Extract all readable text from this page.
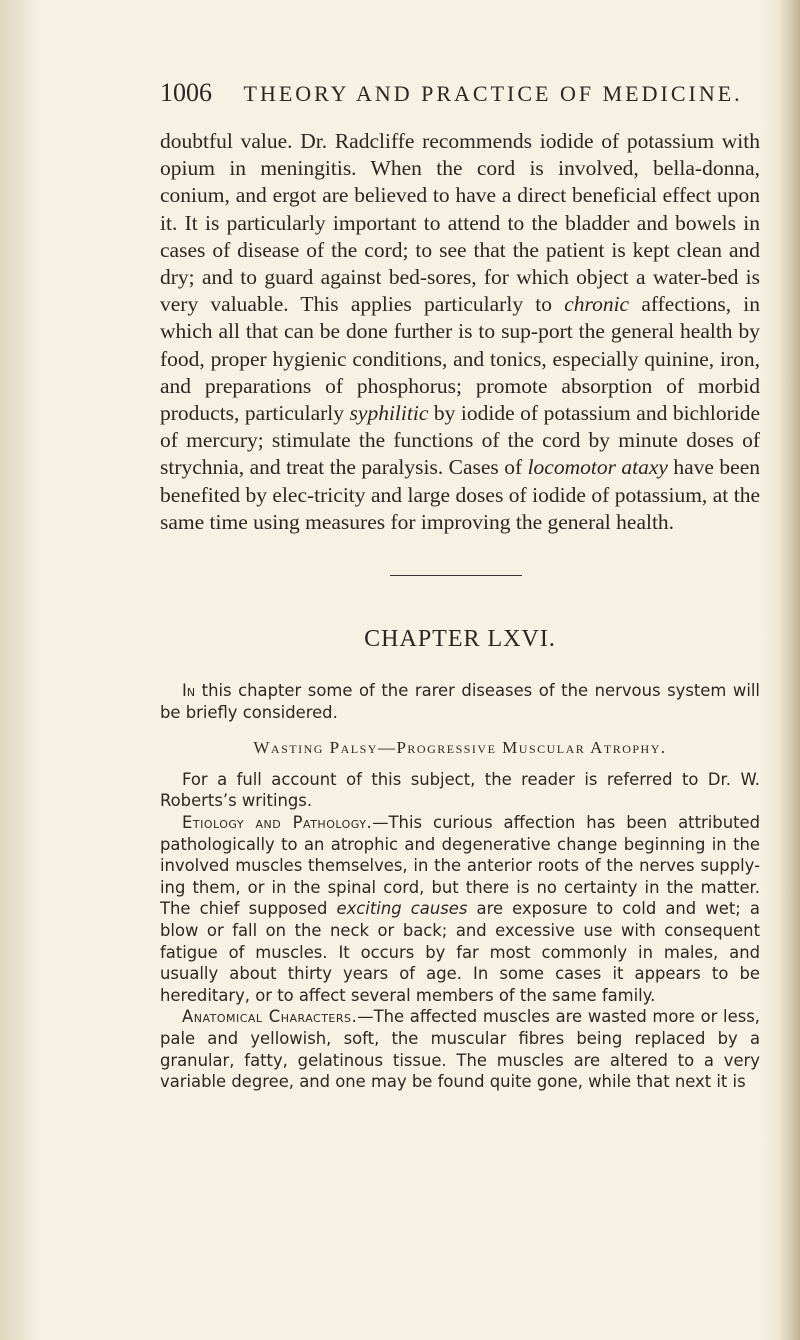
1006 THEORY AND PRACTICE OF MEDICINE.

doubtful value. Dr. Radcliffe recommends iodide of potassium with opium in meningitis. When the cord is involved, bella-donna, conium, and ergot are believed to have a direct beneficial effect upon it. It is particularly important to attend to the bladder and bowels in cases of disease of the cord; to see that the patient is kept clean and dry; and to guard against bed-sores, for which object a water-bed is very valuable. This applies particularly to chronic affections, in which all that can be done further is to sup-port the general health by food, proper hygienic conditions, and tonics, especially quinine, iron, and preparations of phosphorus; promote absorption of morbid products, particularly syphilitic by iodide of potassium and bichloride of mercury; stimulate the functions of the cord by minute doses of strychnia, and treat the paralysis. Cases of locomotor ataxy have been benefited by elec-tricity and large doses of iodide of potassium, at the same time using measures for improving the general health.

CHAPTER LXVI.

In this chapter some of the rarer diseases of the nervous system will be briefly considered.

Wasting Palsy—Progressive Muscular Atrophy.

For a full account of this subject, the reader is referred to Dr. W. Roberts’s writings.

Etiology and Pathology.—This curious affection has been attributed pathologically to an atrophic and degenerative change beginning in the involved muscles themselves, in the anterior roots of the nerves supply-ing them, or in the spinal cord, but there is no certainty in the matter. The chief supposed exciting causes are exposure to cold and wet; a blow or fall on the neck or back; and excessive use with consequent fatigue of muscles. It occurs by far most commonly in males, and usually about thirty years of age. In some cases it appears to be hereditary, or to affect several members of the same family.

Anatomical Characters.—The affected muscles are wasted more or less, pale and yellowish, soft, the muscular fibres being replaced by a granular, fatty, gelatinous tissue. The muscles are altered to a very variable degree, and one may be found quite gone, while that next it is
